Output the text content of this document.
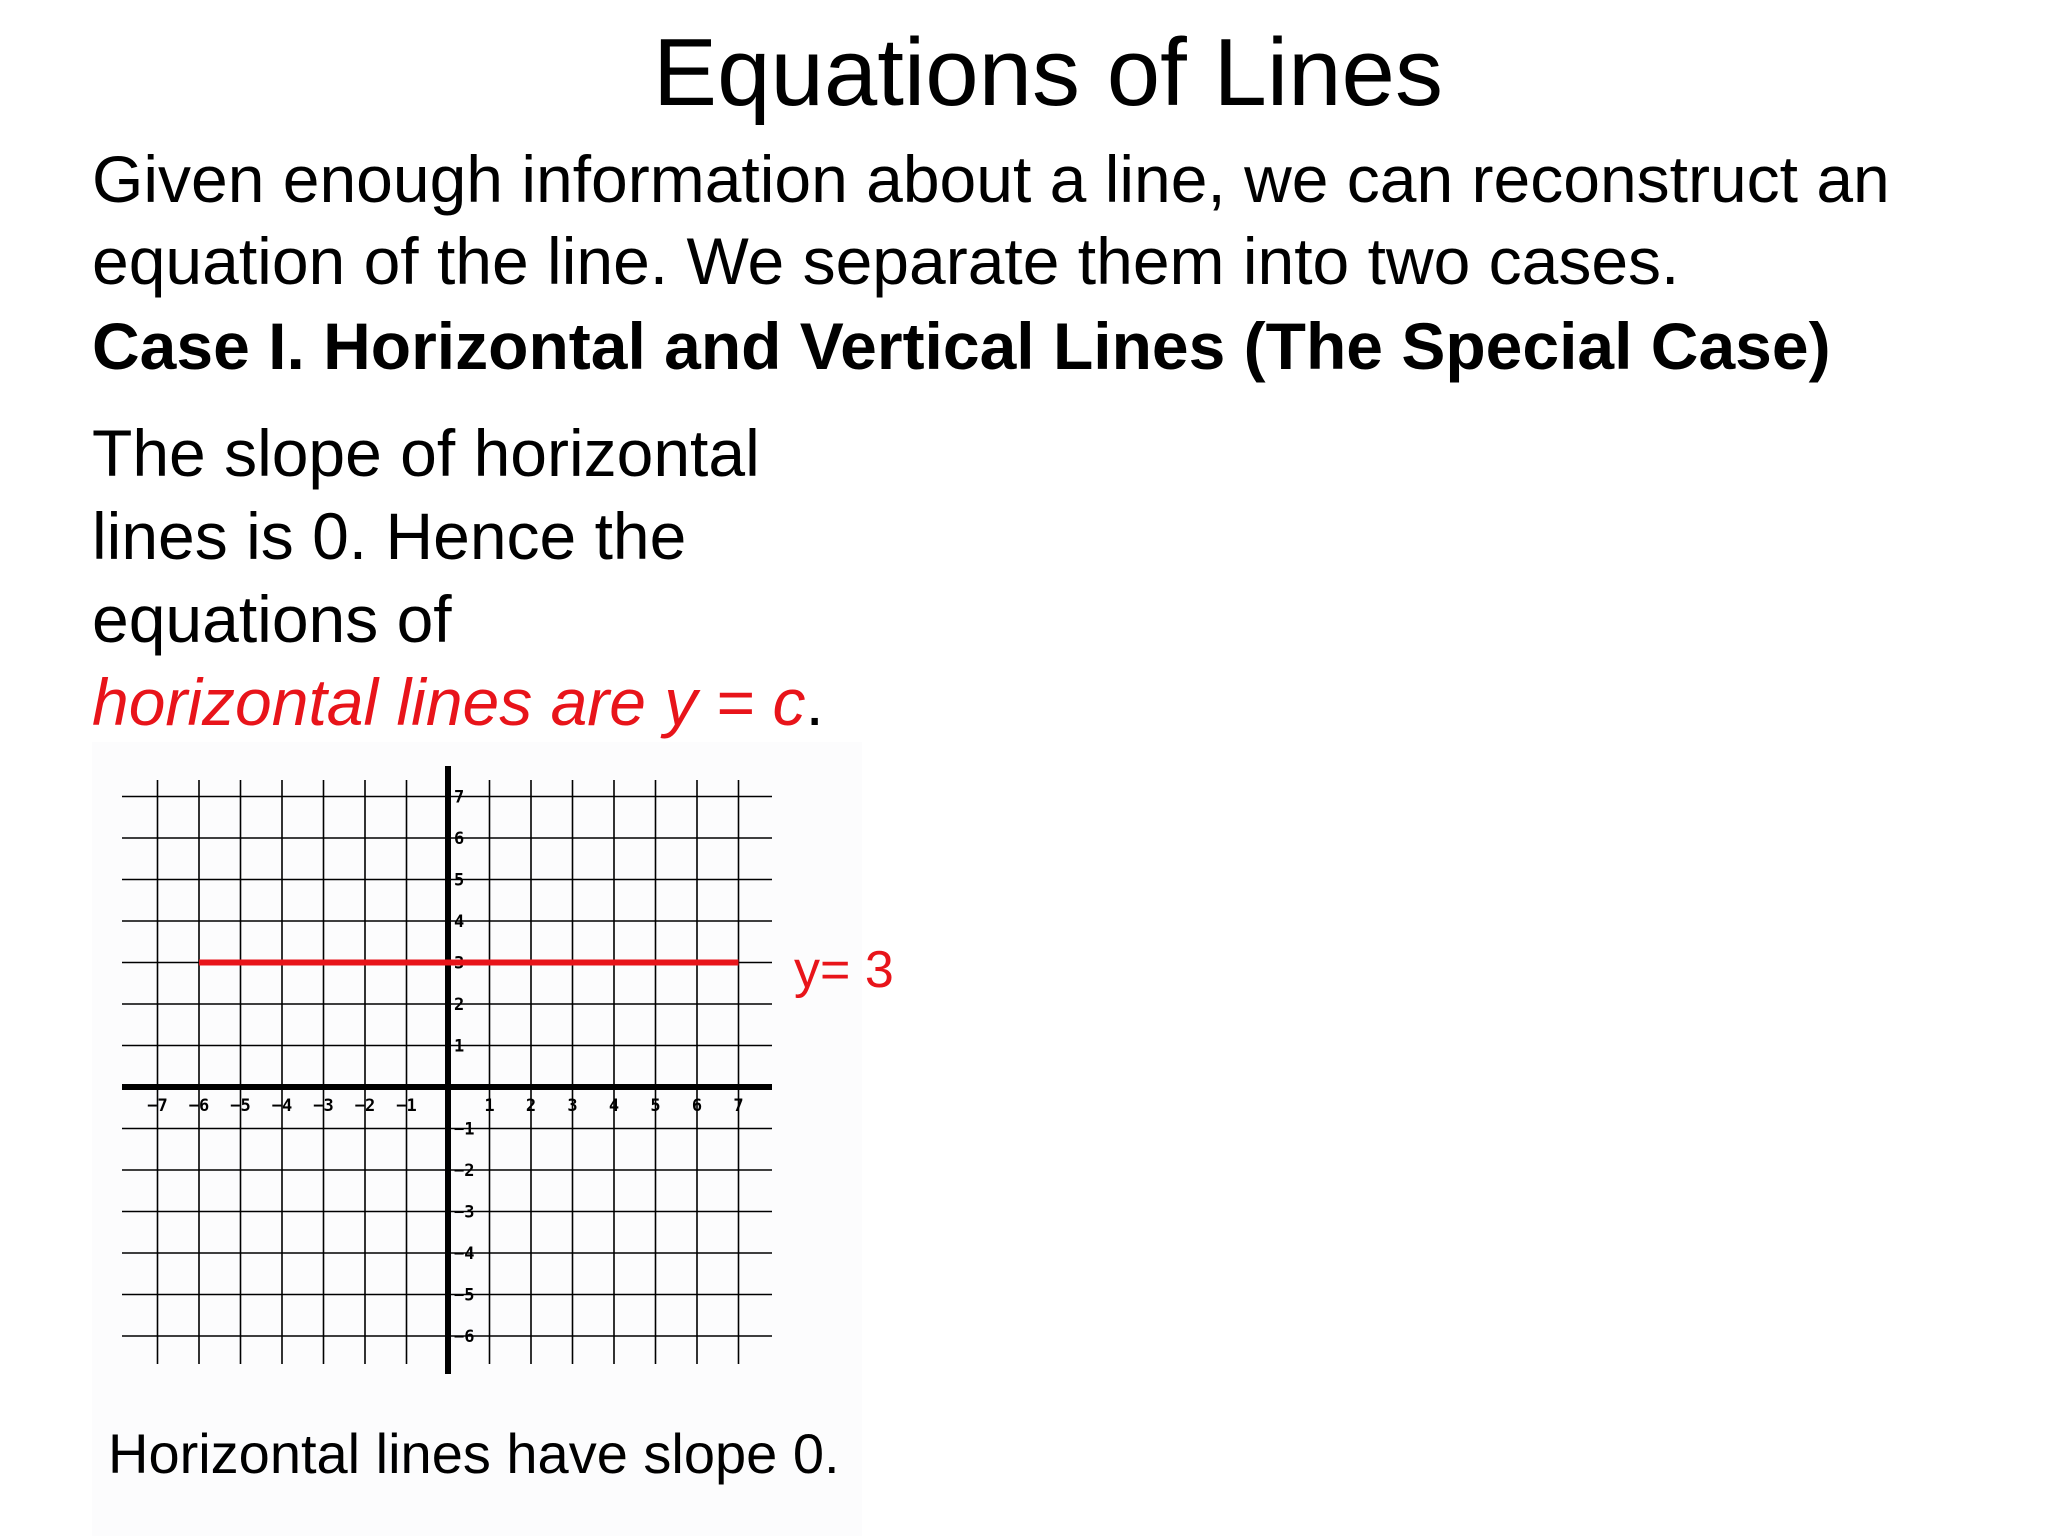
Equations of Lines
Given enough information about a line, we can reconstruct an equation of the line. We separate them into two cases.
Case I. Horizontal and Vertical Lines (The Special Case)
The slope of horizontal
lines is 0. Hence the
equations of
horizontal lines are y = c.
−7 −6 −5 −4 −3 −2 −1	1 2 3 4 5 6 7
7
6
5
4
3
2
1
−1
−2
−3
−4
−5
−6
y= 3
Horizontal lines have slope 0.
